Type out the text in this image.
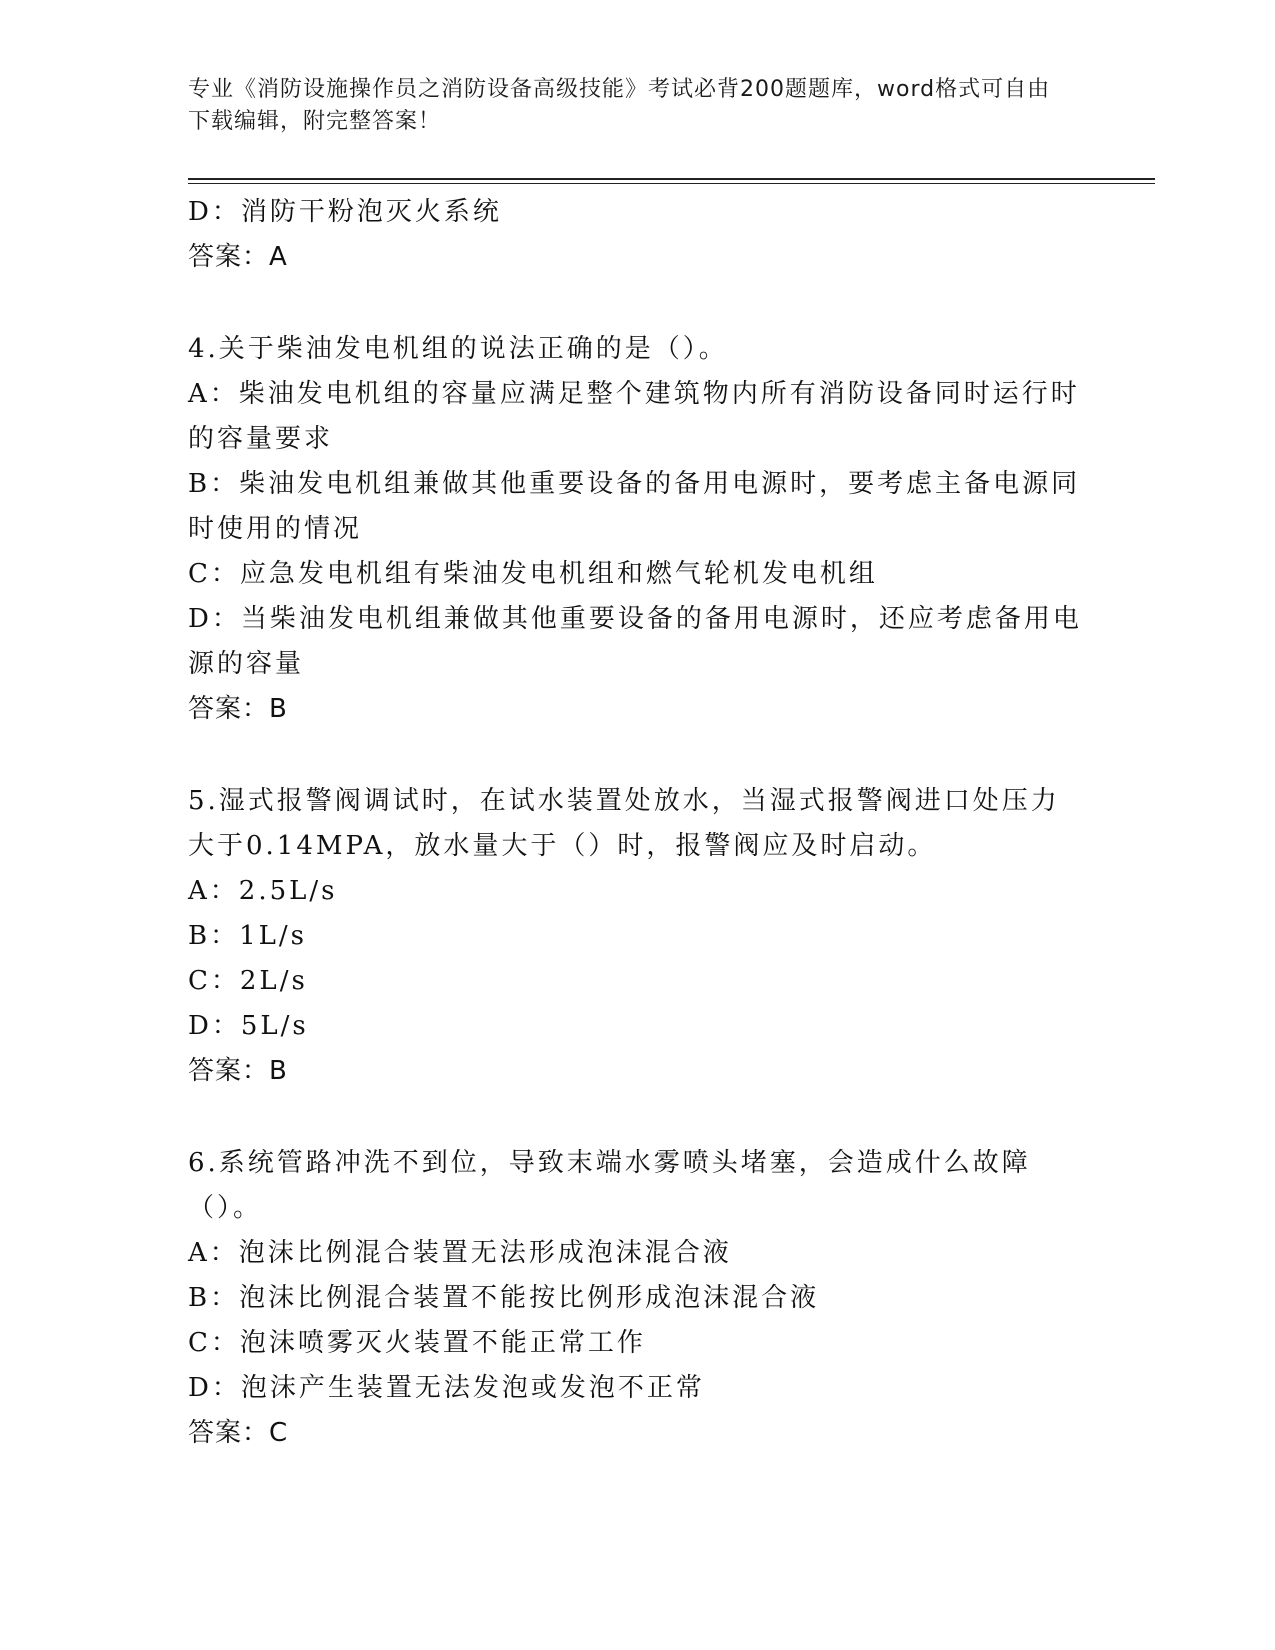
专业《消防设施操作员之消防设备高级技能》考试必背200题题库，word格式可自由下载编辑，附完整答案！

D：消防干粉泡灭火系统

答案：A

4.关于柴油发电机组的说法正确的是（）。

A：柴油发电机组的容量应满足整个建筑物内所有消防设备同时运行时的容量要求

B：柴油发电机组兼做其他重要设备的备用电源时，要考虑主备电源同时使用的情况

C：应急发电机组有柴油发电机组和燃气轮机发电机组

D：当柴油发电机组兼做其他重要设备的备用电源时，还应考虑备用电源的容量

答案：B

5.湿式报警阀调试时，在试水装置处放水，当湿式报警阀进口处压力大于0.14MPA，放水量大于（）时，报警阀应及时启动。

A：2.5L/s

B：1L/s

C：2L/s

D：5L/s

答案：B

6.系统管路冲洗不到位，导致末端水雾喷头堵塞，会造成什么故障（）。

A：泡沫比例混合装置无法形成泡沫混合液

B：泡沫比例混合装置不能按比例形成泡沫混合液

C：泡沫喷雾灭火装置不能正常工作

D：泡沫产生装置无法发泡或发泡不正常

答案：C
